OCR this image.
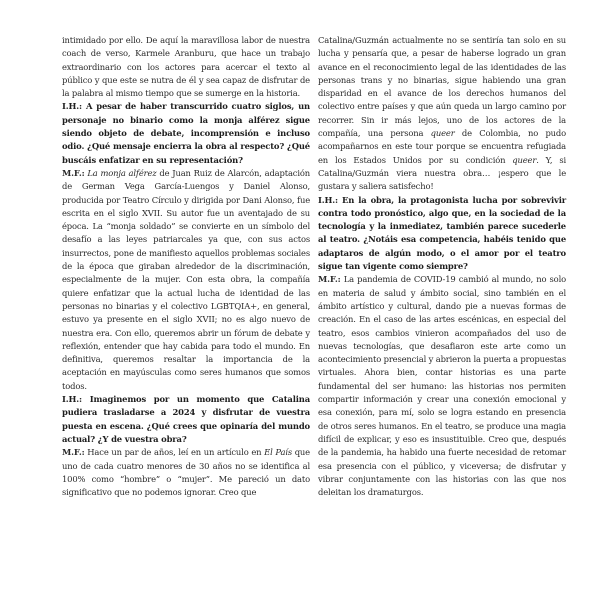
intimidado por ello. De aquí la maravillosa labor de nuestra coach de verso, Karmele Aranburu, que hace un trabajo extraordinario con los actores para acercar el texto al público y que este se nutra de él y sea capaz de disfrutar de la palabra al mismo tiempo que se sumerge en la historia.

I.H.: A pesar de haber transcurrido cuatro siglos, un personaje no binario como la monja alférez sigue siendo objeto de debate, incomprensión e incluso odio. ¿Qué mensaje encierra la obra al respecto? ¿Qué buscáis enfatizar en su representación?

M.F.: La monja alférez de Juan Ruiz de Alarcón, adaptación de German Vega García-Luengos y Daniel Alonso, producida por Teatro Círculo y dirigida por Dani Alonso, fue escrita en el siglo XVII. Su autor fue un aventajado de su época. La “monja soldado” se convierte en un símbolo del desafío a las leyes patriarcales ya que, con sus actos insurrectos, pone de manifiesto aquellos problemas sociales de la época que giraban alrededor de la discriminación, especialmente de la mujer. Con esta obra, la compañía quiere enfatizar que la actual lucha de identidad de las personas no binarias y el colectivo LGBTQIA+, en general, estuvo ya presente en el siglo XVII; no es algo nuevo de nuestra era. Con ello, queremos abrir un fórum de debate y reflexión, entender que hay cabida para todo el mundo. En definitiva, queremos resaltar la importancia de la aceptación en mayúsculas como seres humanos que somos todos.

I.H.: Imaginemos por un momento que Catalina pudiera trasladarse a 2024 y disfrutar de vuestra puesta en escena. ¿Qué crees que opinaría del mundo actual? ¿Y de vuestra obra?

M.F.: Hace un par de años, leí en un artículo en El País que uno de cada cuatro menores de 30 años no se identifica al 100% como “hombre” o “mujer”. Me pareció un dato significativo que no podemos ignorar. Creo que

Catalina/Guzmán actualmente no se sentiría tan solo en su lucha y pensaría que, a pesar de haberse logrado un gran avance en el reconocimiento legal de las identidades de las personas trans y no binarias, sigue habiendo una gran disparidad en el avance de los derechos humanos del colectivo entre países y que aún queda un largo camino por recorrer. Sin ir más lejos, uno de los actores de la compañía, una persona queer de Colombia, no pudo acompañarnos en este tour porque se encuentra refugiada en los Estados Unidos por su condición queer. Y, si Catalina/Guzmán viera nuestra obra… ¡espero que le gustara y saliera satisfecho!

I.H.: En la obra, la protagonista lucha por sobrevivir contra todo pronóstico, algo que, en la sociedad de la tecnología y la inmediatez, también parece sucederle al teatro. ¿Notáis esa competencia, habéis tenido que adaptaros de algún modo, o el amor por el teatro sigue tan vigente como siempre?

M.F.: La pandemia de COVID-19 cambió al mundo, no solo en materia de salud y ámbito social, sino también en el ámbito artístico y cultural, dando pie a nuevas formas de creación. En el caso de las artes escénicas, en especial del teatro, esos cambios vinieron acompañados del uso de nuevas tecnologías, que desafiaron este arte como un acontecimiento presencial y abrieron la puerta a propuestas virtuales. Ahora bien, contar historias es una parte fundamental del ser humano: las historias nos permiten compartir información y crear una conexión emocional y esa conexión, para mí, solo se logra estando en presencia de otros seres humanos. En el teatro, se produce una magia difícil de explicar, y eso es insustituible. Creo que, después de la pandemia, ha habido una fuerte necesidad de retomar esa presencia con el público, y viceversa; de disfrutar y vibrar conjuntamente con las historias con las que nos deleitan los dramaturgos.
